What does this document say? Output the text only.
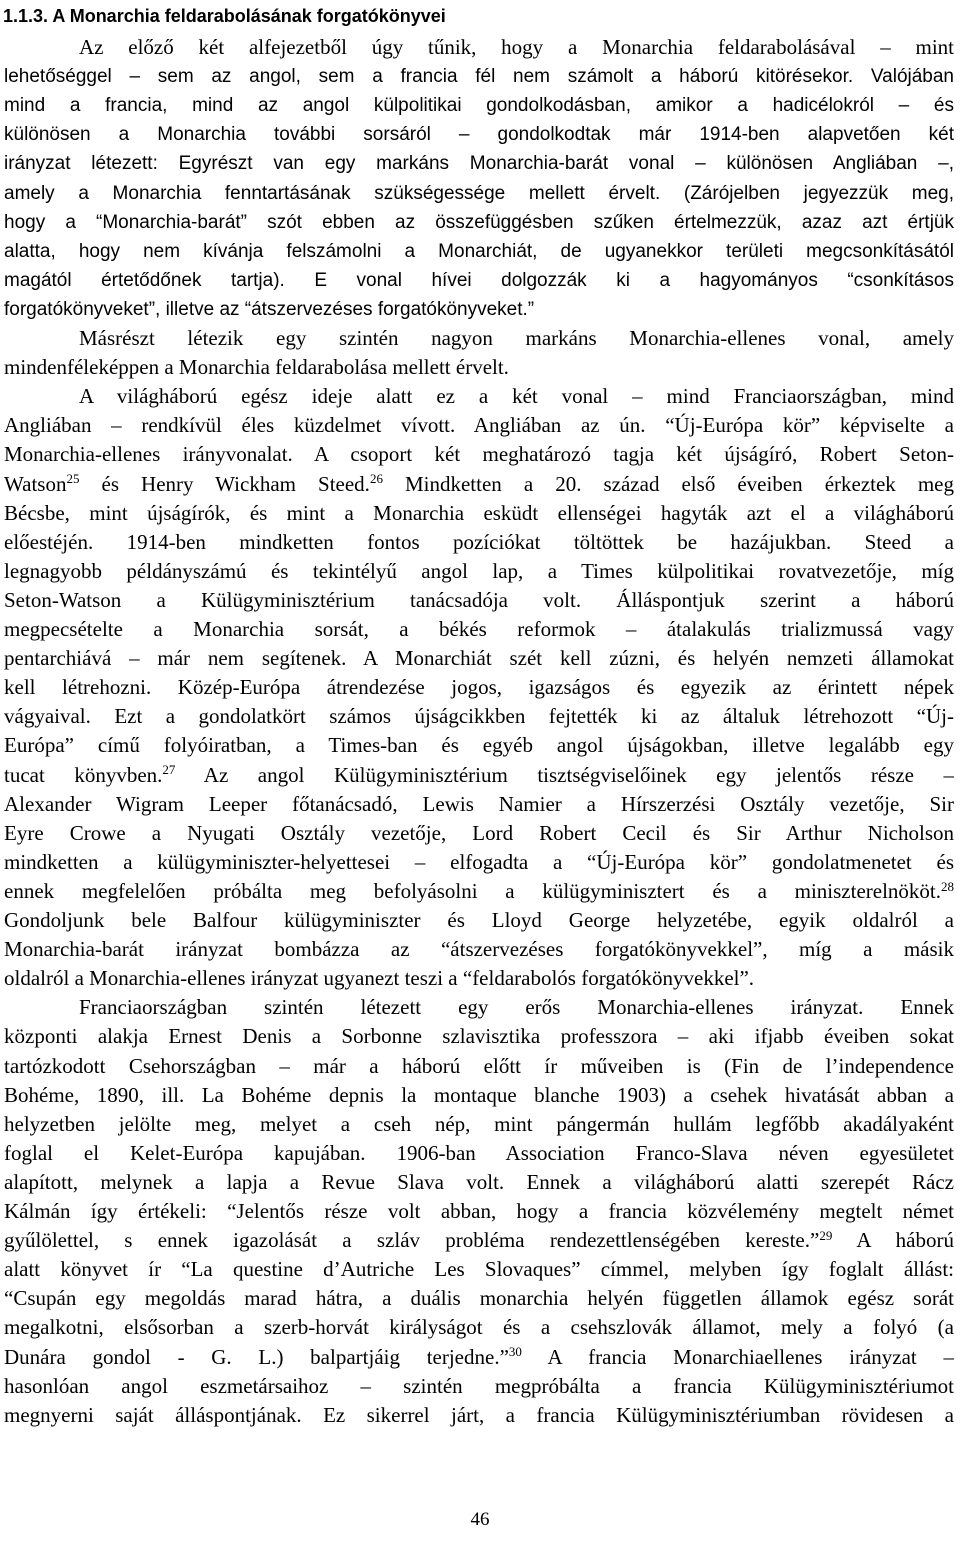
1.1.3. A Monarchia feldarabolásának forgatókönyvei
Az előző két alfejezetből úgy tűnik, hogy a Monarchia feldarabolásával – mint
lehetőséggel – sem az angol, sem a francia fél nem számolt a háború kitörésekor. Valójában
mind a francia, mind az angol külpolitikai gondolkodásban, amikor a hadicélokról – és
különösen a Monarchia további sorsáról – gondolkodtak már 1914-ben alapvetően két
irányzat létezett: Egyrészt van egy markáns Monarchia-barát vonal – különösen Angliában –,
amely a Monarchia fenntartásának szükségessége mellett érvelt. (Zárójelben jegyezzük meg,
hogy a “Monarchia-barát” szót ebben az összefüggésben szűken értelmezzük, azaz azt értjük
alatta, hogy nem kívánja felszámolni a Monarchiát, de ugyanekkor területi megcsonkításától
magától értetődőnek tartja). E vonal hívei dolgozzák ki a hagyományos “csonkításos
forgatókönyveket”, illetve az “átszervezéses forgatókönyveket.”
Másrészt létezik egy szintén nagyon markáns Monarchia-ellenes vonal, amely
mindenféleképpen a Monarchia feldarabolása mellett érvelt.
A világháború egész ideje alatt ez a két vonal – mind Franciaországban, mind
Angliában – rendkívül éles küzdelmet vívott. Angliában az ún. “Új-Európa kör” képviselte a
Monarchia-ellenes irányvonalat. A csoport két meghatározó tagja két újságíró, Robert Seton-
Watson25 és Henry Wickham Steed.26 Mindketten a 20. század első éveiben érkeztek meg
Bécsbe, mint újságírók, és mint a Monarchia esküdt ellenségei hagyták azt el a világháború
előestéjén. 1914-ben mindketten fontos pozíciókat töltöttek be hazájukban. Steed a
legnagyobb példányszámú és tekintélyű angol lap, a Times külpolitikai rovatvezetője, míg
Seton-Watson a Külügyminisztérium tanácsadója volt. Álláspontjuk szerint a háború
megpecsételte a Monarchia sorsát, a békés reformok – átalakulás trializmussá vagy
pentarchiává – már nem segítenek. A Monarchiát szét kell zúzni, és helyén nemzeti államokat
kell létrehozni. Közép-Európa átrendezése jogos, igazságos és egyezik az érintett népek
vágyaival. Ezt a gondolatkört számos újságcikkben fejtették ki az általuk létrehozott “Új-
Európa” című folyóiratban, a Times-ban és egyéb angol újságokban, illetve legalább egy
tucat könyvben.27 Az angol Külügyminisztérium tisztségviselőinek egy jelentős része –
Alexander Wigram Leeper főtanácsadó, Lewis Namier a Hírszerzési Osztály vezetője, Sir
Eyre Crowe a Nyugati Osztály vezetője, Lord Robert Cecil és Sir Arthur Nicholson
mindketten a külügyminiszter-helyettesei – elfogadta a “Új-Európa kör” gondolatmenetet és
ennek megfelelően próbálta meg befolyásolni a külügyminisztert és a miniszterelnököt.28
Gondoljunk bele Balfour külügyminiszter és Lloyd George helyzetébe, egyik oldalról a
Monarchia-barát irányzat bombázza az “átszervezéses forgatókönyvekkel”, míg a másik
oldalról a Monarchia-ellenes irányzat ugyanezt teszi a “feldarabolós forgatókönyvekkel”.
Franciaországban szintén létezett egy erős Monarchia-ellenes irányzat. Ennek
központi alakja Ernest Denis a Sorbonne szlavisztika professzora – aki ifjabb éveiben sokat
tartózkodott Csehországban – már a háború előtt ír műveiben is (Fin de l’independence
Bohéme, 1890, ill. La Bohéme depnis la montaque blanche 1903) a csehek hivatását abban a
helyzetben jelölte meg, melyet a cseh nép, mint pángermán hullám legfőbb akadályaként
foglal el Kelet-Európa kapujában. 1906-ban Association Franco-Slava néven egyesületet
alapított, melynek a lapja a Revue Slava volt. Ennek a világháború alatti szerepét Rácz
Kálmán így értékeli: “Jelentős része volt abban, hogy a francia közvélemény megtelt német
gyűlölettel, s ennek igazolását a szláv probléma rendezettlenségében kereste.”29 A háború
alatt könyvet ír “La questine d’Autriche Les Slovaques” címmel, melyben így foglalt állást:
“Csupán egy megoldás marad hátra, a duális monarchia helyén független államok egész sorát
megalkotni, elsősorban a szerb-horvát királyságot és a csehszlovák államot, mely a folyó (a
Dunára gondol - G. L.) balpartjáig terjedne.”30 A francia Monarchiaellenes irányzat –
hasonlóan angol eszmetársaihoz – szintén megpróbálta a francia Külügyminisztériumot
megnyerni saját álláspontjának. Ez sikerrel járt, a francia Külügyminisztériumban rövidesen a
46
